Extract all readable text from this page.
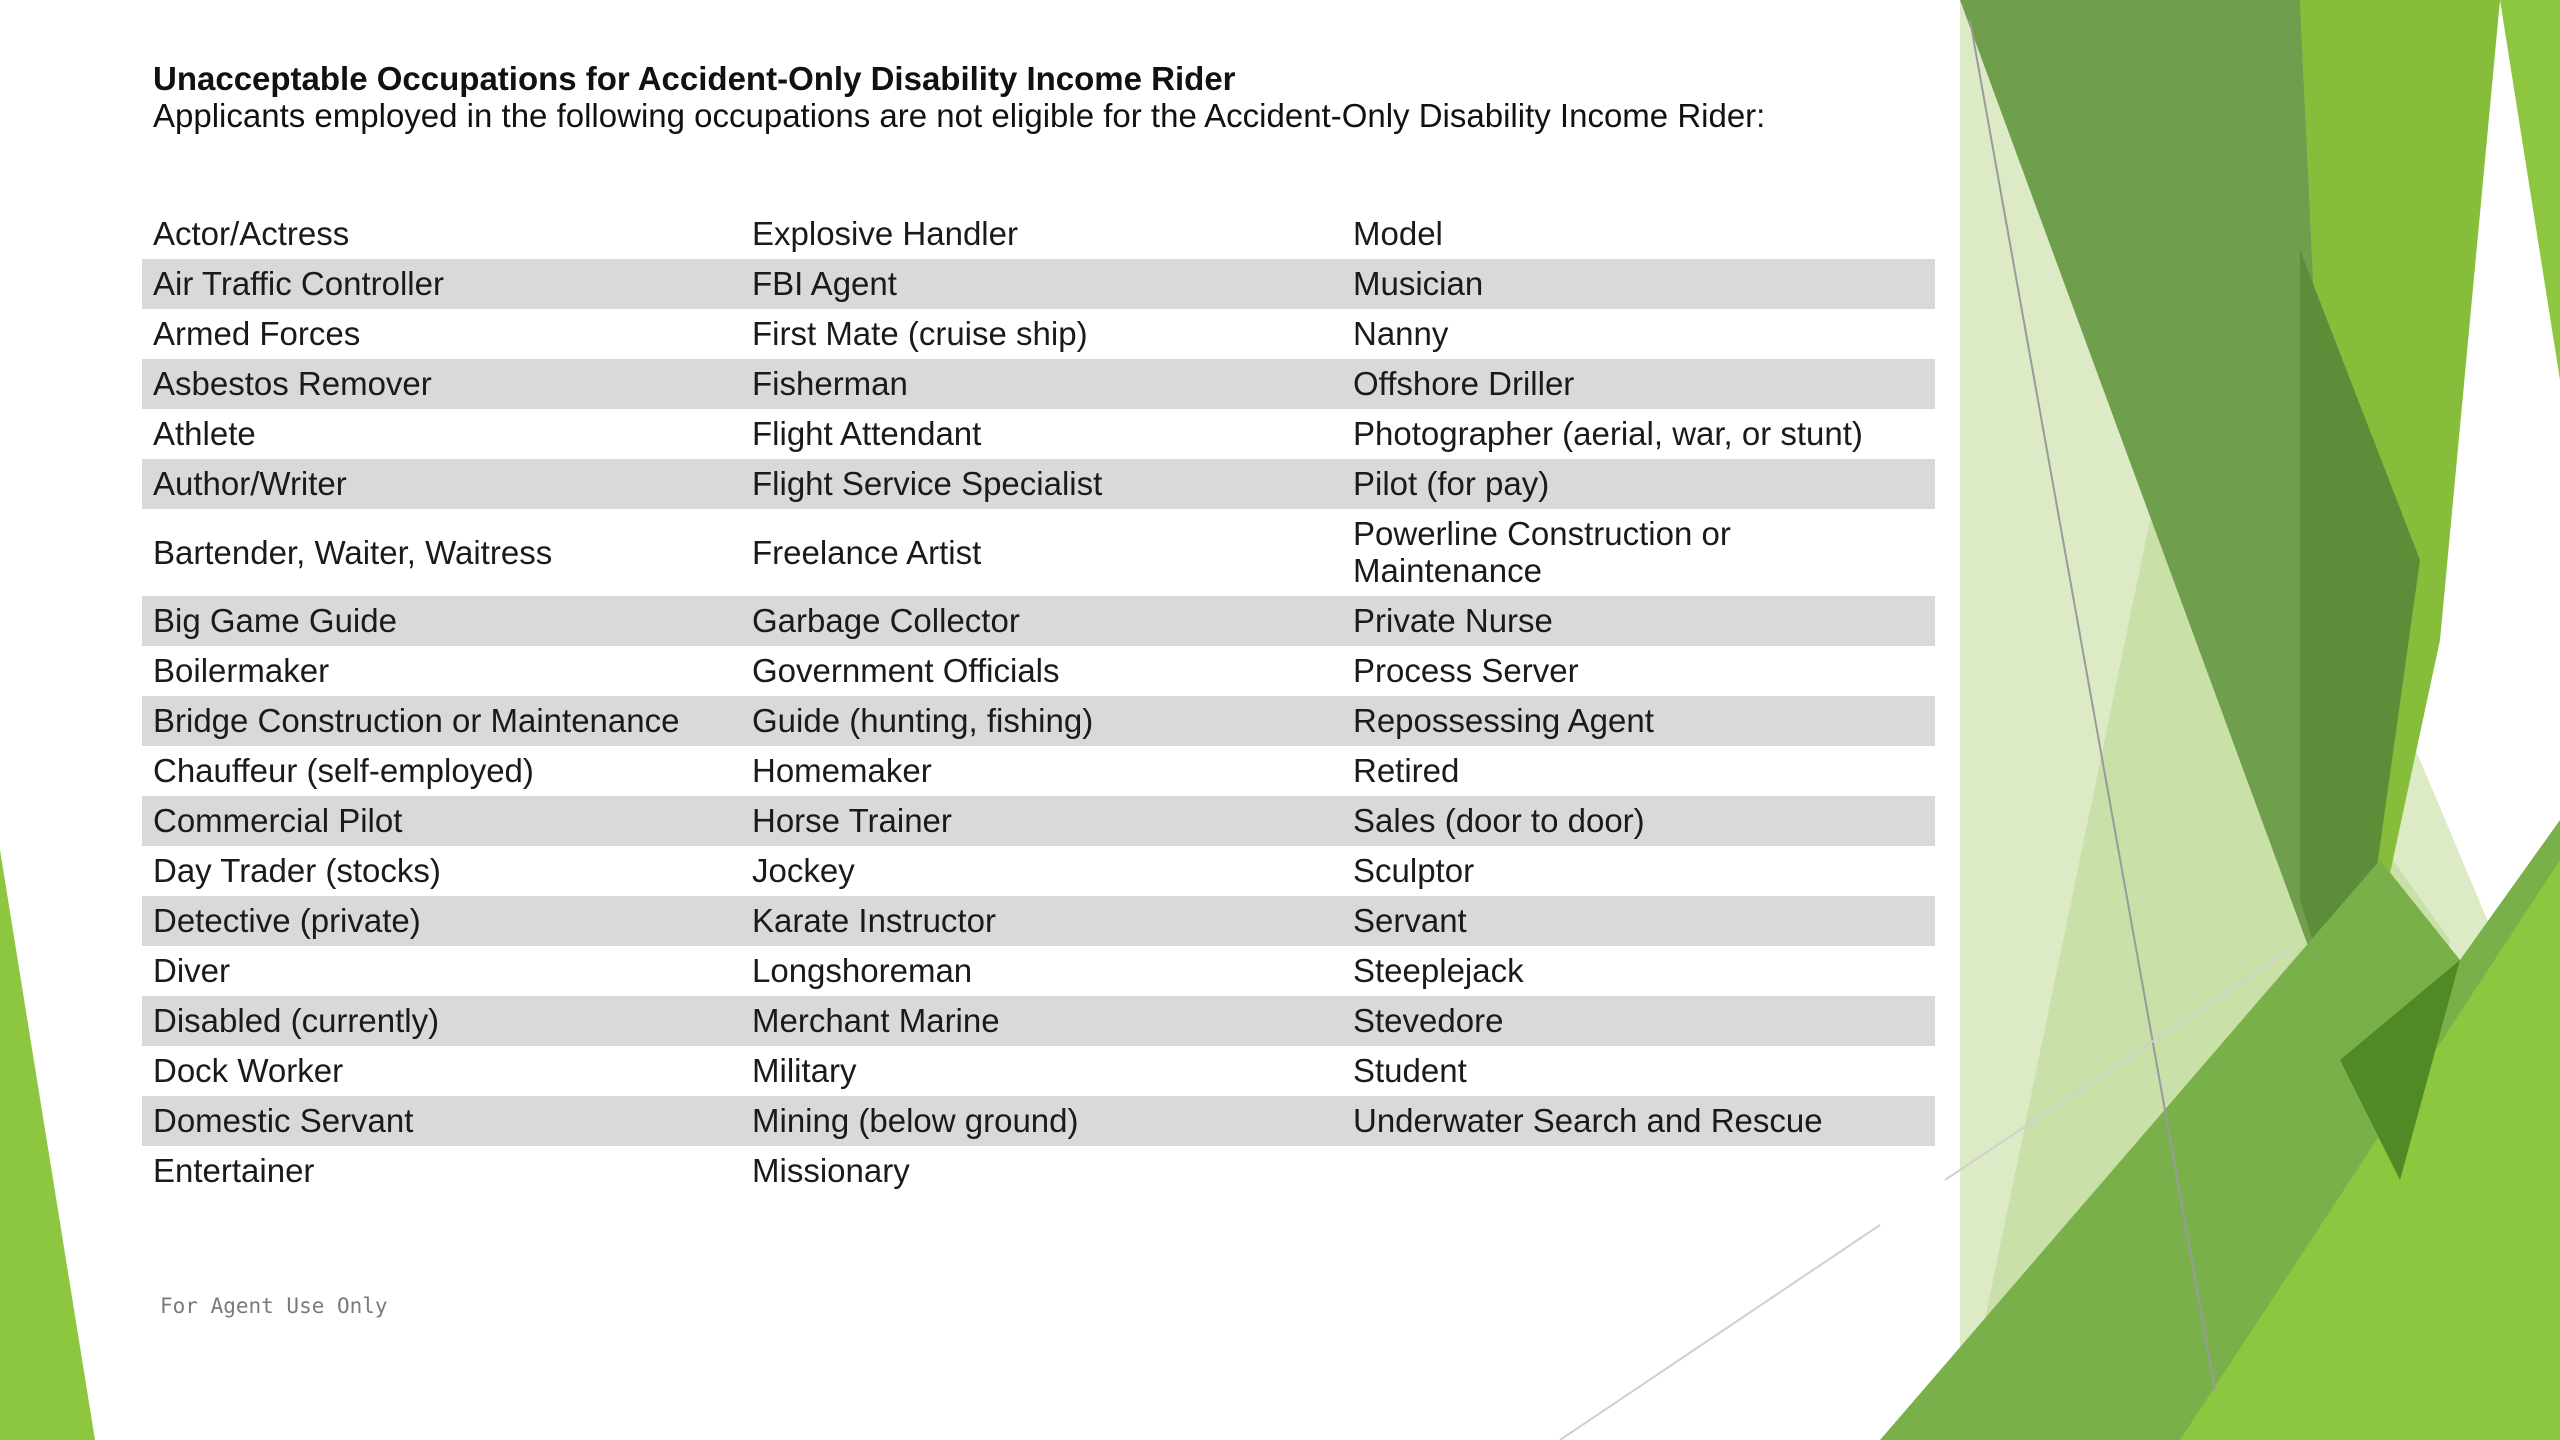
Unacceptable Occupations for Accident-Only Disability Income Rider
Applicants employed in the following occupations are not eligible for the Accident-Only Disability Income Rider:
Actor/Actress	Explosive Handler	Model
Air Traffic Controller	FBI Agent	Musician
Armed Forces	First Mate (cruise ship)	Nanny
Asbestos Remover	Fisherman	Offshore Driller
Athlete	Flight Attendant	Photographer (aerial, war, or stunt)
Author/Writer	Flight Service Specialist	Pilot (for pay)
Bartender, Waiter, Waitress	Freelance Artist	Powerline Construction or Maintenance
Big Game Guide	Garbage Collector	Private Nurse
Boilermaker	Government Officials	Process Server
Bridge Construction or Maintenance	Guide (hunting, fishing)	Repossessing Agent
Chauffeur (self-employed)	Homemaker	Retired
Commercial Pilot	Horse Trainer	Sales (door to door)
Day Trader (stocks)	Jockey	Sculptor
Detective (private)	Karate Instructor	Servant
Diver	Longshoreman	Steeplejack
Disabled (currently)	Merchant Marine	Stevedore
Dock Worker	Military	Student
Domestic Servant	Mining (below ground)	Underwater Search and Rescue
Entertainer	Missionary	
For Agent Use Only
